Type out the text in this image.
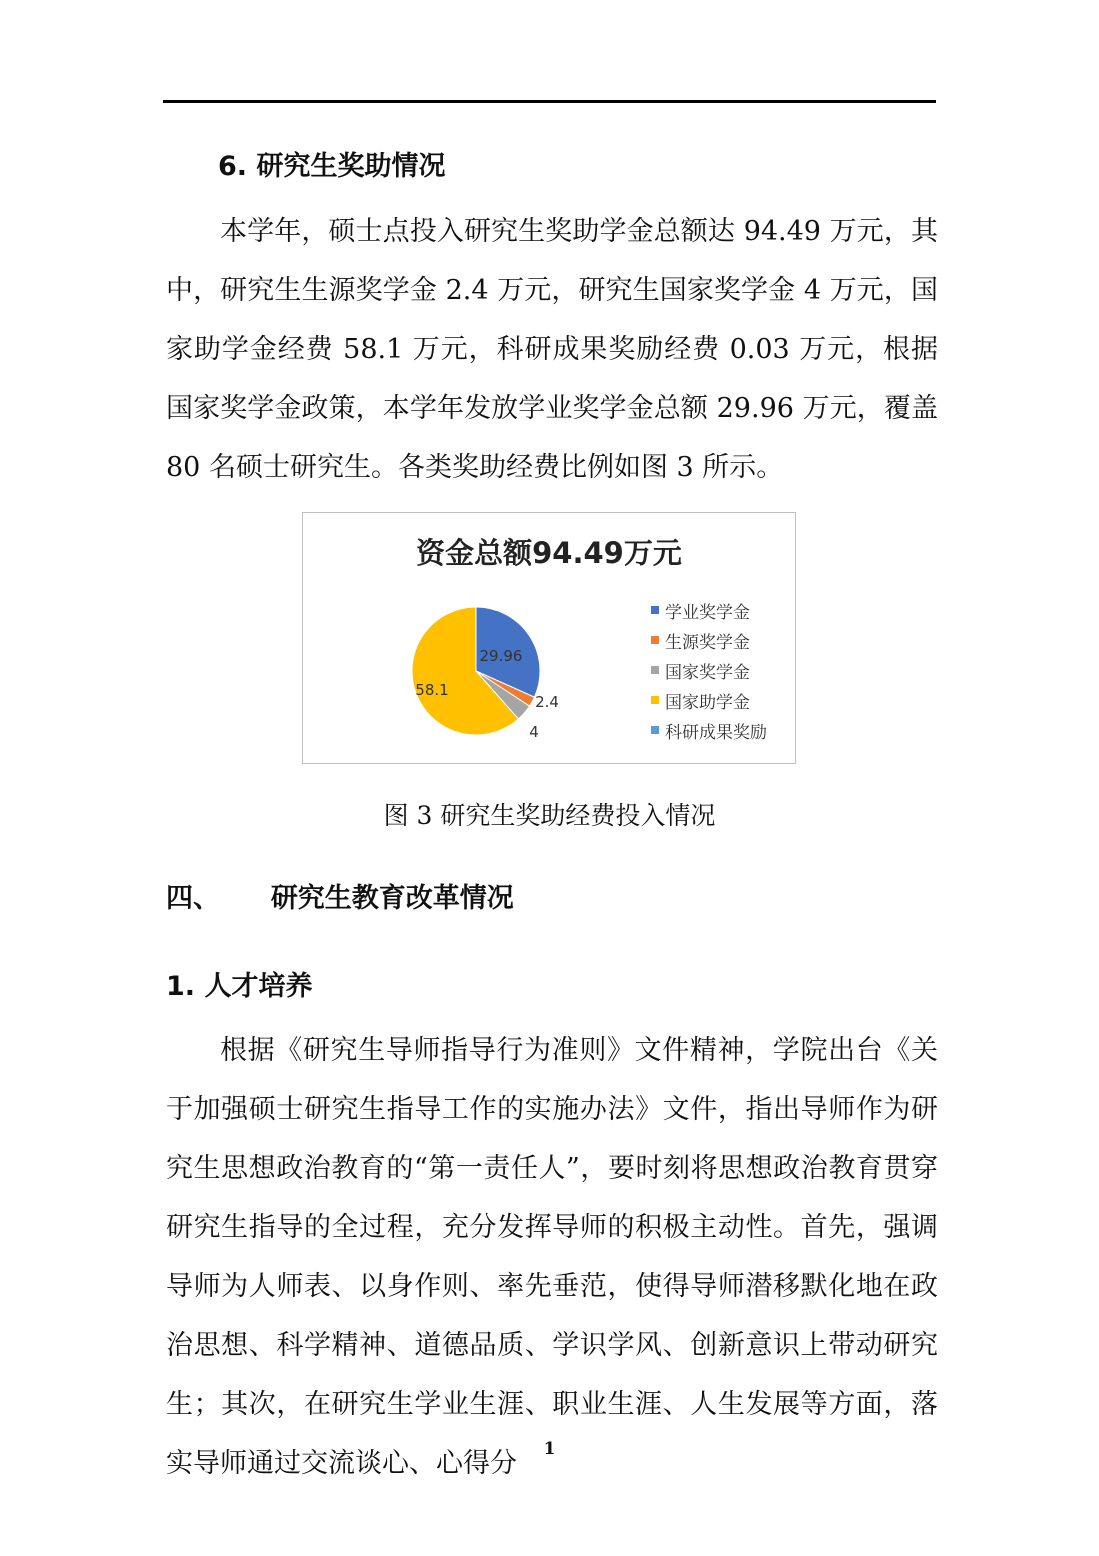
6. 研究生奖助情况

本学年，硕士点投入研究生奖助学金总额达 94.49 万元，其中，研究生生源奖学金 2.4 万元，研究生国家奖学金 4 万元，国家助学金经费 58.1 万元，科研成果奖励经费 0.03 万元，根据国家奖学金政策，本学年发放学业奖学金总额 29.96 万元，覆盖 80 名硕士研究生。各类奖助经费比例如图 3 所示。

资金总额94.49万元
29.96
2.4
4
58.1
学业奖学金
生源奖学金
国家奖学金
国家助学金
科研成果奖励
图 3 研究生奖助经费投入情况
四、 研究生教育改革情况
1. 人才培养

根据《研究生导师指导行为准则》文件精神，学院出台《关于加强硕士研究生指导工作的实施办法》文件，指出导师作为研究生思想政治教育的“第一责任人”，要时刻将思想政治教育贯穿研究生指导的全过程，充分发挥导师的积极主动性。首先，强调导师为人师表、以身作则、率先垂范，使得导师潜移默化地在政治思想、科学精神、道德品质、学识学风、创新意识上带动研究生；其次，在研究生学业生涯、职业生涯、人生发展等方面，落实导师通过交流谈心、心得分	1
